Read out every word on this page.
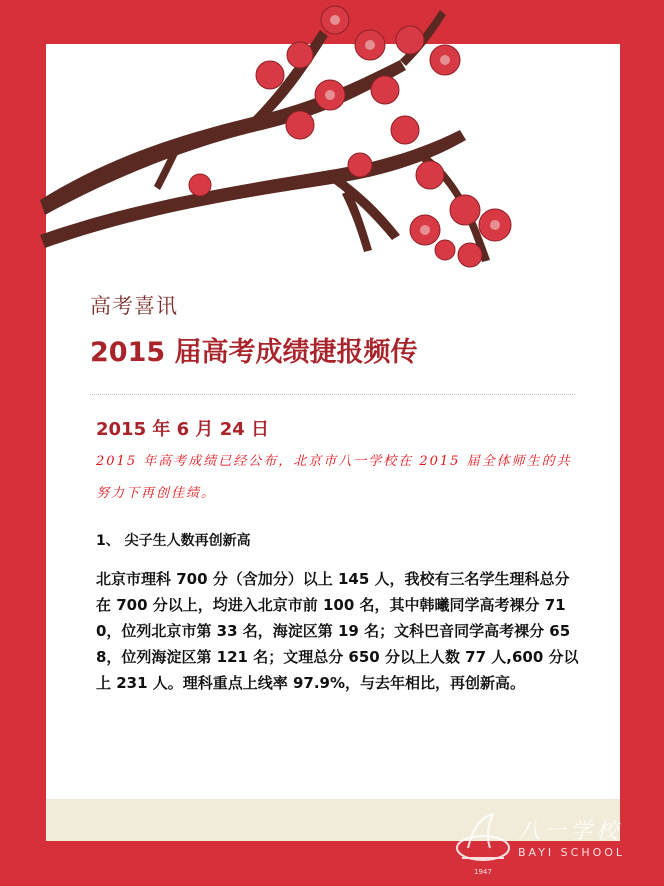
高考喜讯
2015 届高考成绩捷报频传
2015 年 6 月 24 日
2015 年高考成绩已经公布，北京市八一学校在 2015 届全体师生的共努力下再创佳绩。
1、 尖子生人数再创新高
北京市理科 700 分（含加分）以上 145 人，我校有三名学生理科总分在 700 分以上，均进入北京市前 100 名，其中韩曦同学高考裸分 710，位列北京市第 33 名，海淀区第 19 名；文科巴音同学高考裸分 658，位列海淀区第 121 名；文理总分 650 分以上人数 77 人,600 分以上 231 人。理科重点上线率 97.9%，与去年相比，再创新高。
八一学校
BAYI SCHOOL
1947
